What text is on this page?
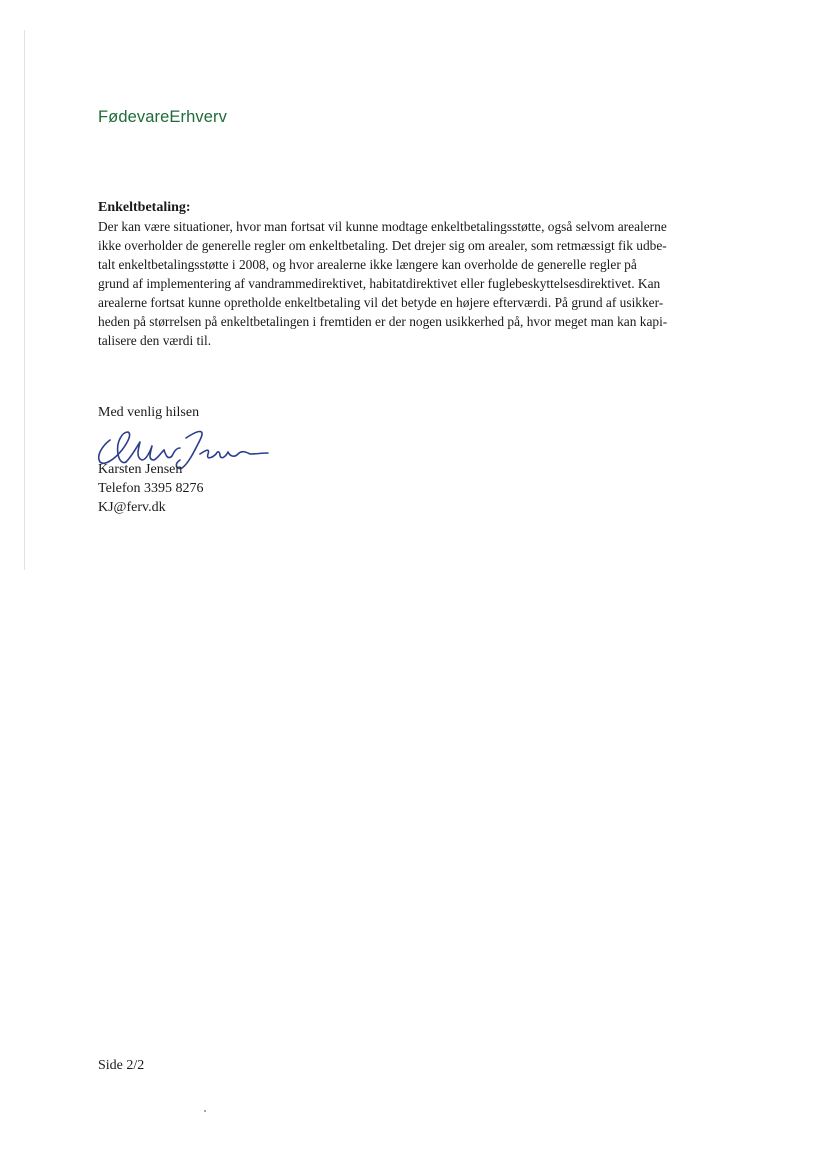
FødevareErhverv

Enkeltbetaling:

Der kan være situationer, hvor man fortsat vil kunne modtage enkeltbetalingsstøtte, også selvom arealerne
ikke overholder de generelle regler om enkeltbetaling. Det drejer sig om arealer, som retmæssigt fik udbe-
talt enkeltbetalingsstøtte i 2008, og hvor arealerne ikke længere kan overholde de generelle regler på
grund af implementering af vandrammedirektivet, habitatdirektivet eller fuglebeskyttelsesdirektivet. Kan
arealerne fortsat kunne opretholde enkeltbetaling vil det betyde en højere efterværdi. På grund af usikker-
heden på størrelsen på enkeltbetalingen i fremtiden er der nogen usikkerhed på, hvor meget man kan kapi-
talisere den værdi til.

Med venlig hilsen
Karsten Jensen
Telefon 3395 8276
KJ@ferv.dk
Side 2/2
